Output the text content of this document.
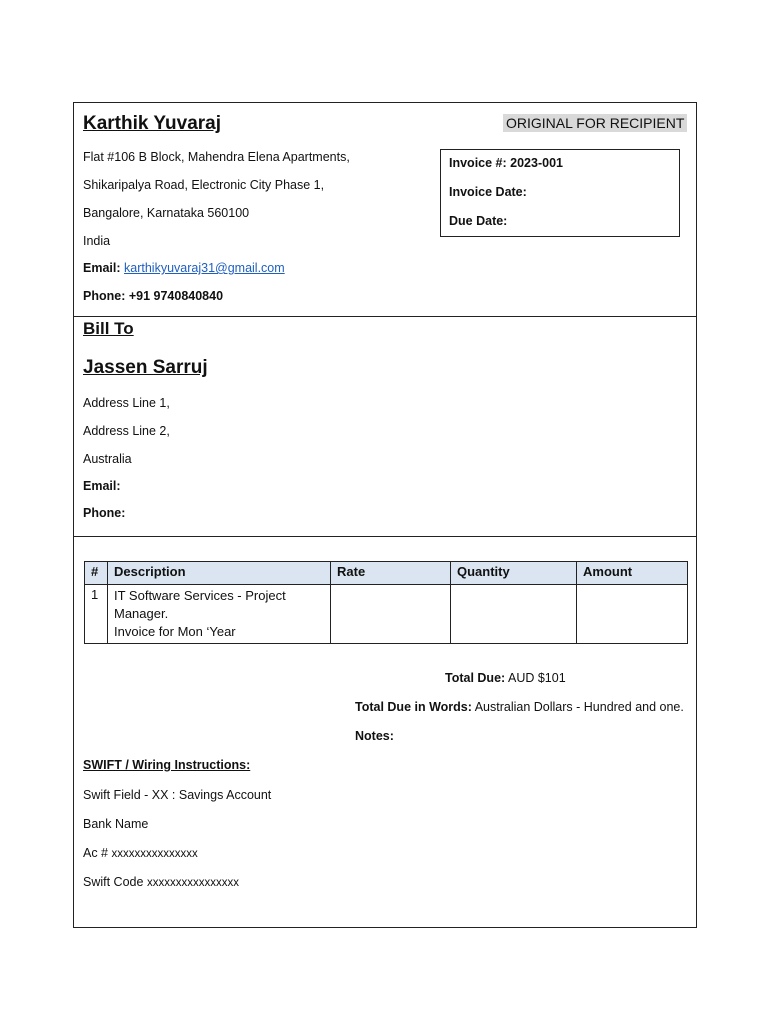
Karthik Yuvaraj
Flat #106 B Block, Mahendra Elena Apartments,
Shikaripalya Road, Electronic City Phase 1,
Bangalore, Karnataka 560100
India
Email: karthikyuvaraj31@gmail.com
Phone: +91 9740840840
ORIGINAL FOR RECIPIENT
Invoice #: 2023-001
Invoice Date:
Due Date:
Bill To
Jassen Sarruj
Address Line 1,
Address Line 2,
Australia
Email:
Phone:
#	Description	Rate	Quantity	Amount
1	IT Software Services - Project
Manager.
Invoice for Mon ‘Year			

Total Due: AUD $101
Total Due in Words: Australian Dollars - Hundred and one.
Notes:
SWIFT / Wiring Instructions:
Swift Field - XX : Savings Account
Bank Name
Ac # xxxxxxxxxxxxxxx
Swift Code xxxxxxxxxxxxxxxx
